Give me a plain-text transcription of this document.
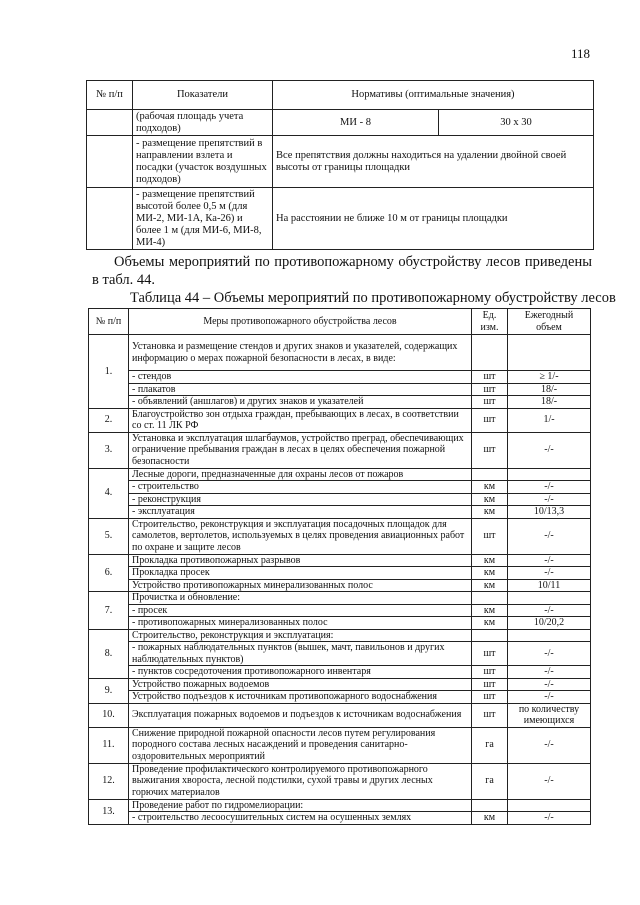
118
№ п/п	Показатели	Нормативы (оптимальные значения)	
	(рабочая площадь учета подходов)	МИ - 8	30 х 30
	- размещение препятствий в направлении взлета и посадки (участок воздушных подходов)	Все препятствия должны находиться на удалении двойной своей высоты от границы площадки	
	- размещение препятствий высотой более 0,5 м (для МИ-2, МИ-1А, Ка-26) и более 1 м (для МИ-6, МИ-8, МИ-4)	На расстоянии не ближе 10 м от границы площадки	
Объемы мероприятий по противопожарному обустройству лесов приведены в табл. 44.
Таблица 44 – Объемы мероприятий по противопожарному обустройству лесов
№ п/п	Меры противопожарного обустройства лесов	Ед. изм.	Ежегодный объем
1.	Установка и размещение стендов и других знаков и указателей, содержащих информацию о мерах пожарной безопасности в лесах, в виде:		
	- стендов	шт	≥ 1/-
	- плакатов	шт	18/-
	- объявлений (аншлагов) и других знаков и указателей	шт	18/-
2.	Благоустройство зон отдыха граждан, пребывающих в лесах, в соответствии со ст. 11 ЛК РФ	шт	1/-
3.	Установка и эксплуатация шлагбаумов, устройство преград, обеспечивающих ограничение пребывания граждан в лесах в целях обеспечения пожарной безопасности	шт	-/-
4.	Лесные дороги, предназначенные для охраны лесов от пожаров		
	- строительство	км	-/-
	- реконструкция	км	-/-
	- эксплуатация	км	10/13,3
5.	Строительство, реконструкция и эксплуатация посадочных площадок для самолетов, вертолетов, используемых в целях проведения авиационных работ по охране и защите лесов	шт	-/-
6.	Прокладка противопожарных разрывов	км	-/-
	Прокладка просек	км	-/-
	Устройство противопожарных минерализованных полос	км	10/11
7.	Прочистка и обновление:		
	- просек	км	-/-
	- противопожарных минерализованных полос	км	10/20,2
8.	Строительство, реконструкция и эксплуатация:		
	- пожарных наблюдательных пунктов (вышек, мачт, павильонов и других наблюдательных пунктов)	шт	-/-
	- пунктов сосредоточения противопожарного инвентаря	шт	-/-
9.	Устройство пожарных водоемов	шт	-/-
	Устройство подъездов к источникам противопожарного водоснабжения	шт	-/-
10.	Эксплуатация пожарных водоемов и подъездов к источникам водоснабжения	шт	по количеству имеющихся
11.	Снижение природной пожарной опасности лесов путем регулирования породного состава лесных насаждений и проведения санитарно-оздоровительных мероприятий	га	-/-
12.	Проведение профилактического контролируемого противопожарного выжигания хвороста, лесной подстилки, сухой травы и других лесных горючих материалов	га	-/-
13.	Проведение работ по гидромелиорации:		
	- строительство лесоосушительных систем на осушенных землях	км	-/-
